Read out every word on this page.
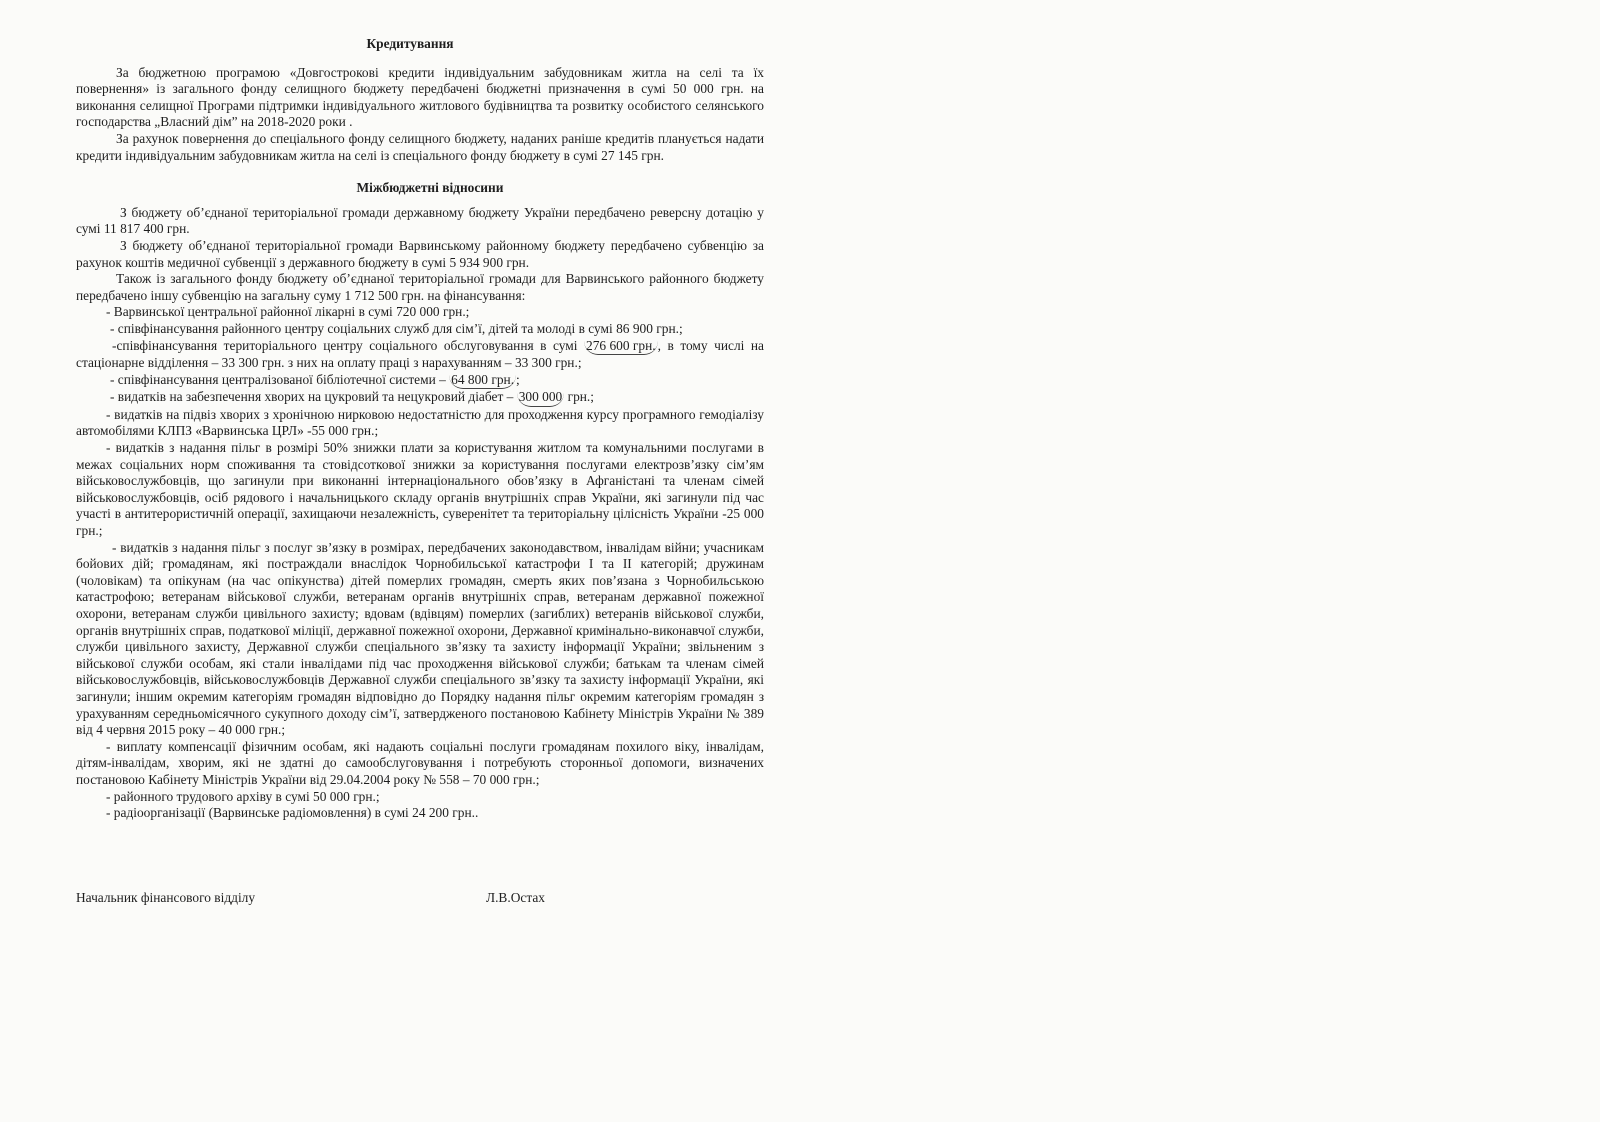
Кредитування

За бюджетною програмою «Довгострокові кредити індивідуальним забудовникам житла на селі та їх повернення» із загального фонду селищного бюджету передбачені бюджетні призначення в сумі 50 000 грн. на виконання селищної Програми підтримки індивідуального житлового будівництва та розвитку особистого селянського господарства „Власний дім” на 2018-2020 роки .

За рахунок повернення до спеціального фонду селищного бюджету, наданих раніше кредитів планується надати кредити індивідуальним забудовникам житла на селі із спеціального фонду бюджету в сумі 27 145 грн.

Міжбюджетні відносини

З бюджету об’єднаної територіальної громади державному бюджету України передбачено реверсну дотацію у сумі 11 817 400 грн.

З бюджету об’єднаної територіальної громади Варвинському районному бюджету передбачено субвенцію за рахунок коштів медичної субвенції з державного бюджету в сумі 5 934 900 грн.

Також із загального фонду бюджету об’єднаної територіальної громади для Варвинського районного бюджету передбачено іншу субвенцію на загальну суму 1 712 500 грн. на фінансування:

- Варвинської центральної районної лікарні в сумі 720 000 грн.;

- співфінансування районного центру соціальних служб для сім’ї, дітей та молоді в сумі 86 900 грн.;

-співфінансування територіального центру соціального обслуговування в сумі 276 600 грн. , в тому числі на стаціонарне відділення – 33 300 грн. з них на оплату праці з нарахуванням – 33 300 грн.;

- співфінансування централізованої бібліотечної системи – 64 800 грн. ;

- видатків на забезпечення хворих на цукровий та нецукровий діабет – 300 000 грн.;

- видатків на підвіз хворих з хронічною нирковою недостатністю для проходження курсу програмного гемодіалізу автомобілями КЛПЗ «Варвинська ЦРЛ» -55 000 грн.;

- видатків з надання пільг в розмірі 50% знижки плати за користування житлом та комунальними послугами в межах соціальних норм споживання та стовідсоткової знижки за користування послугами електрозв’язку сім’ям військовослужбовців, що загинули при виконанні інтернаціонального обов’язку в Афганістані та членам сімей військовослужбовців, осіб рядового і начальницького складу органів внутрішніх справ України, які загинули під час участі в антитерористичній операції, захищаючи незалежність, суверенітет та територіальну цілісність України -25 000 грн.;

- видатків з надання пільг з послуг зв’язку в розмірах, передбачених законодавством, інвалідам війни; учасникам бойових дій; громадянам, які постраждали внаслідок Чорнобильської катастрофи I та II категорій; дружинам (чоловікам) та опікунам (на час опікунства) дітей померлих громадян, смерть яких пов’язана з Чорнобильською катастрофою; ветеранам військової служби, ветеранам органів внутрішніх справ, ветеранам державної пожежної охорони, ветеранам служби цивільного захисту; вдовам (вдівцям) померлих (загиблих) ветеранів військової служби, органів внутрішніх справ, податкової міліції, державної пожежної охорони, Державної кримінально-виконавчої служби, служби цивільного захисту, Державної служби спеціального зв’язку та захисту інформації України; звільненим з військової служби особам, які стали інвалідами під час проходження військової служби; батькам та членам сімей військовослужбовців, військовослужбовців Державної служби спеціального зв’язку та захисту інформації України, які загинули; іншим окремим категоріям громадян відповідно до Порядку надання пільг окремим категоріям громадян з урахуванням середньомісячного сукупного доходу сім’ї, затвердженого постановою Кабінету Міністрів України № 389 від 4 червня 2015 року – 40 000 грн.;

- виплату компенсації фізичним особам, які надають соціальні послуги громадянам похилого віку, інвалідам, дітям-інвалідам, хворим, які не здатні до самообслуговування і потребують сторонньої допомоги, визначених постановою Кабінету Міністрів України від 29.04.2004 року № 558 – 70 000 грн.;

- районного трудового архіву в сумі 50 000 грн.;

- радіоорганізації (Варвинське радіомовлення) в сумі 24 200 грн..

Начальник фінансового відділу	Л.В.Остах
